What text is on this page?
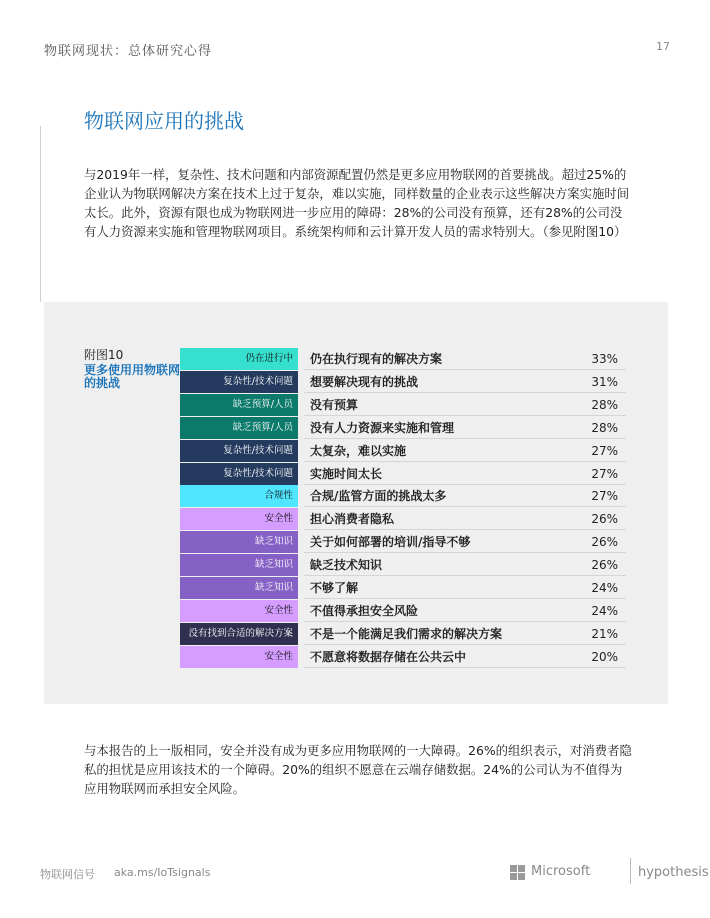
物联网现状：总体研究心得	17
物联网应用的挑战

与2019年一样，复杂性、技术问题和内部资源配置仍然是更多应用物联网的首要挑战。超过25%的企业认为物联网解决方案在技术上过于复杂，难以实施，同样数量的企业表示这些解决方案实施时间太长。此外，资源有限也成为物联网进一步应用的障碍：28%的公司没有预算，还有28%的公司没有人力资源来实施和管理物联网项目。系统架构师和云计算开发人员的需求特别大。（参见附图10）

附图10
更多使用用物联网的挑战
仍在进行中	仍在执行现有的解决方案	33%
复杂性/技术问题	想要解决现有的挑战	31%
缺乏预算/人员	没有预算	28%
缺乏预算/人员	没有人力资源来实施和管理	28%
复杂性/技术问题	太复杂，难以实施	27%
复杂性/技术问题	实施时间太长	27%
合规性	合规/监管方面的挑战太多	27%
安全性	担心消费者隐私	26%
缺乏知识	关于如何部署的培训/指导不够	26%
缺乏知识	缺乏技术知识	26%
缺乏知识	不够了解	24%
安全性	不值得承担安全风险	24%
没有找到合适的解决方案	不是一个能满足我们需求的解决方案	21%
安全性	不愿意将数据存储在公共云中	20%

与本报告的上一版相同，安全并没有成为更多应用物联网的一大障碍。26%的组织表示，对消费者隐私的担忧是应用该技术的一个障碍。20%的组织不愿意在云端存储数据。24%的公司认为不值得为应用物联网而承担安全风险。

物联网信号 aka.ms/IoTsignals	Microsoft	hypothesis
